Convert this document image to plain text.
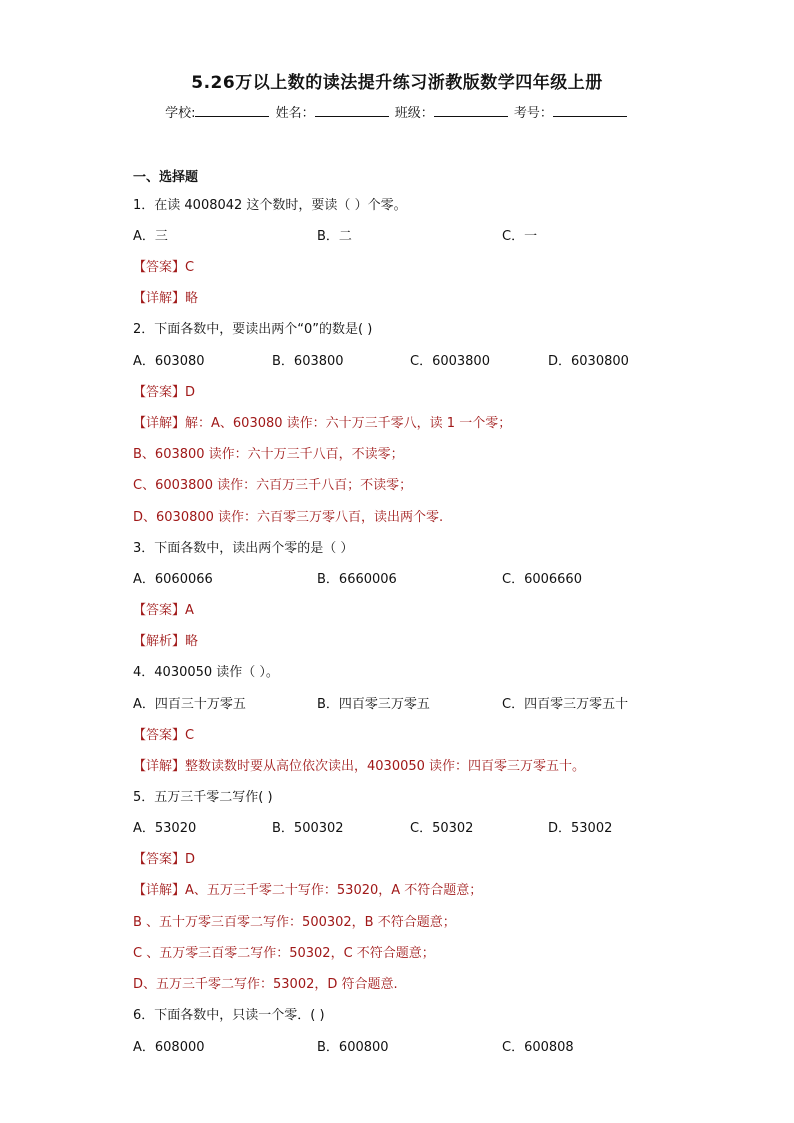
5.26万以上数的读法提升练习浙教版数学四年级上册
学校:	姓名：	班级：	考号：
一、选择题
1．在读 4008042 这个数时，要读（ ）个零。
A．三	B．二	C．一
【答案】C
【详解】略
2．下面各数中，要读出两个“0”的数是( )
A．603080	B．603800	C．6003800	D．6030800
【答案】D
【详解】解：A、603080 读作：六十万三千零八，读 1 一个零；
B、603800 读作：六十万三千八百，不读零；
C、6003800 读作：六百万三千八百；不读零；
D、6030800 读作：六百零三万零八百，读出两个零.
3．下面各数中，读出两个零的是（ ）
A．6060066	B．6660006	C．6006660
【答案】A
【解析】略
4．4030050 读作（ ）。
A．四百三十万零五	B．四百零三万零五	C．四百零三万零五十
【答案】C
【详解】整数读数时要从高位依次读出，4030050 读作：四百零三万零五十。
5．五万三千零二写作( )
A．53020	B．500302	C．50302	D．53002
【答案】D
【详解】A、五万三千零二十写作：53020，A 不符合题意；
B 、五十万零三百零二写作：500302，B 不符合题意；
C 、五万零三百零二写作：50302，C 不符合题意；
D、五万三千零二写作：53002，D 符合题意.
6．下面各数中，只读一个零．( )
A．608000	B．600800	C．600808
